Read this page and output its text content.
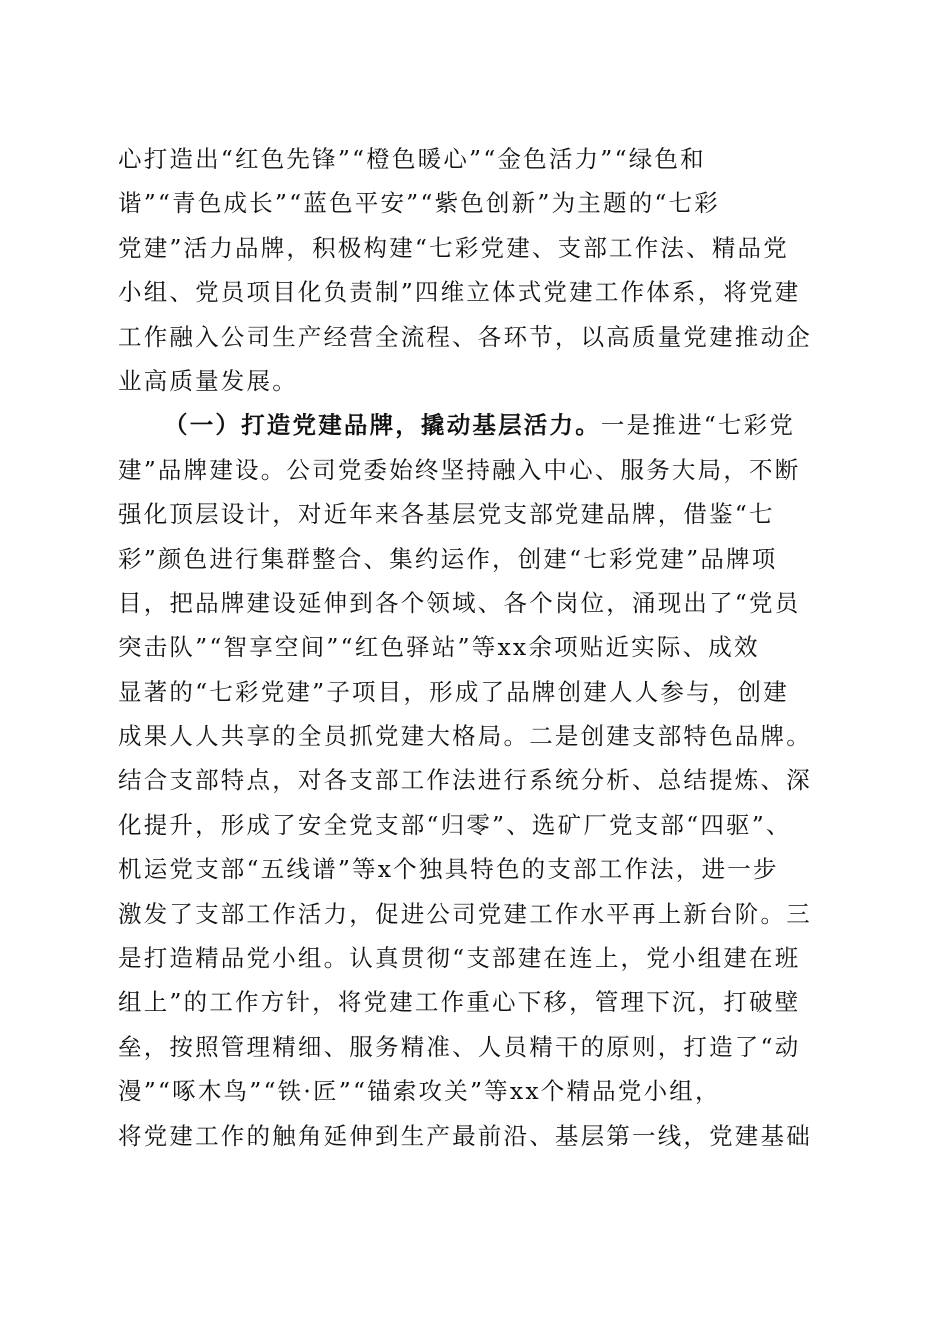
心打造出“红色先锋”“橙色暖心”“金色活力”“绿色和
谐”“青色成长”“蓝色平安”“紫色创新”为主题的“七彩
党建”活力品牌，积极构建“七彩党建、支部工作法、精品党
小组、党员项目化负责制”四维立体式党建工作体系，将党建
工作融入公司生产经营全流程、各环节，以高质量党建推动企
业高质量发展。
（一）打造党建品牌，撬动基层活力。一是推进“七彩党
建”品牌建设。公司党委始终坚持融入中心、服务大局，不断
强化顶层设计，对近年来各基层党支部党建品牌，借鉴“七
彩”颜色进行集群整合、集约运作，创建“七彩党建”品牌项
目，把品牌建设延伸到各个领域、各个岗位，涌现出了“党员
突击队”“智享空间”“红色驿站”等xx余项贴近实际、成效
显著的“七彩党建”子项目，形成了品牌创建人人参与，创建
成果人人共享的全员抓党建大格局。二是创建支部特色品牌。
结合支部特点，对各支部工作法进行系统分析、总结提炼、深
化提升，形成了安全党支部“归零”、选矿厂党支部“四驱”、
机运党支部“五线谱”等x个独具特色的支部工作法，进一步
激发了支部工作活力，促进公司党建工作水平再上新台阶。三
是打造精品党小组。认真贯彻“支部建在连上，党小组建在班
组上”的工作方针，将党建工作重心下移，管理下沉，打破壁
垒，按照管理精细、服务精准、人员精干的原则，打造了“动
漫”“啄木鸟”“铁·匠”“锚索攻关”等xx个精品党小组，
将党建工作的触角延伸到生产最前沿、基层第一线，党建基础
